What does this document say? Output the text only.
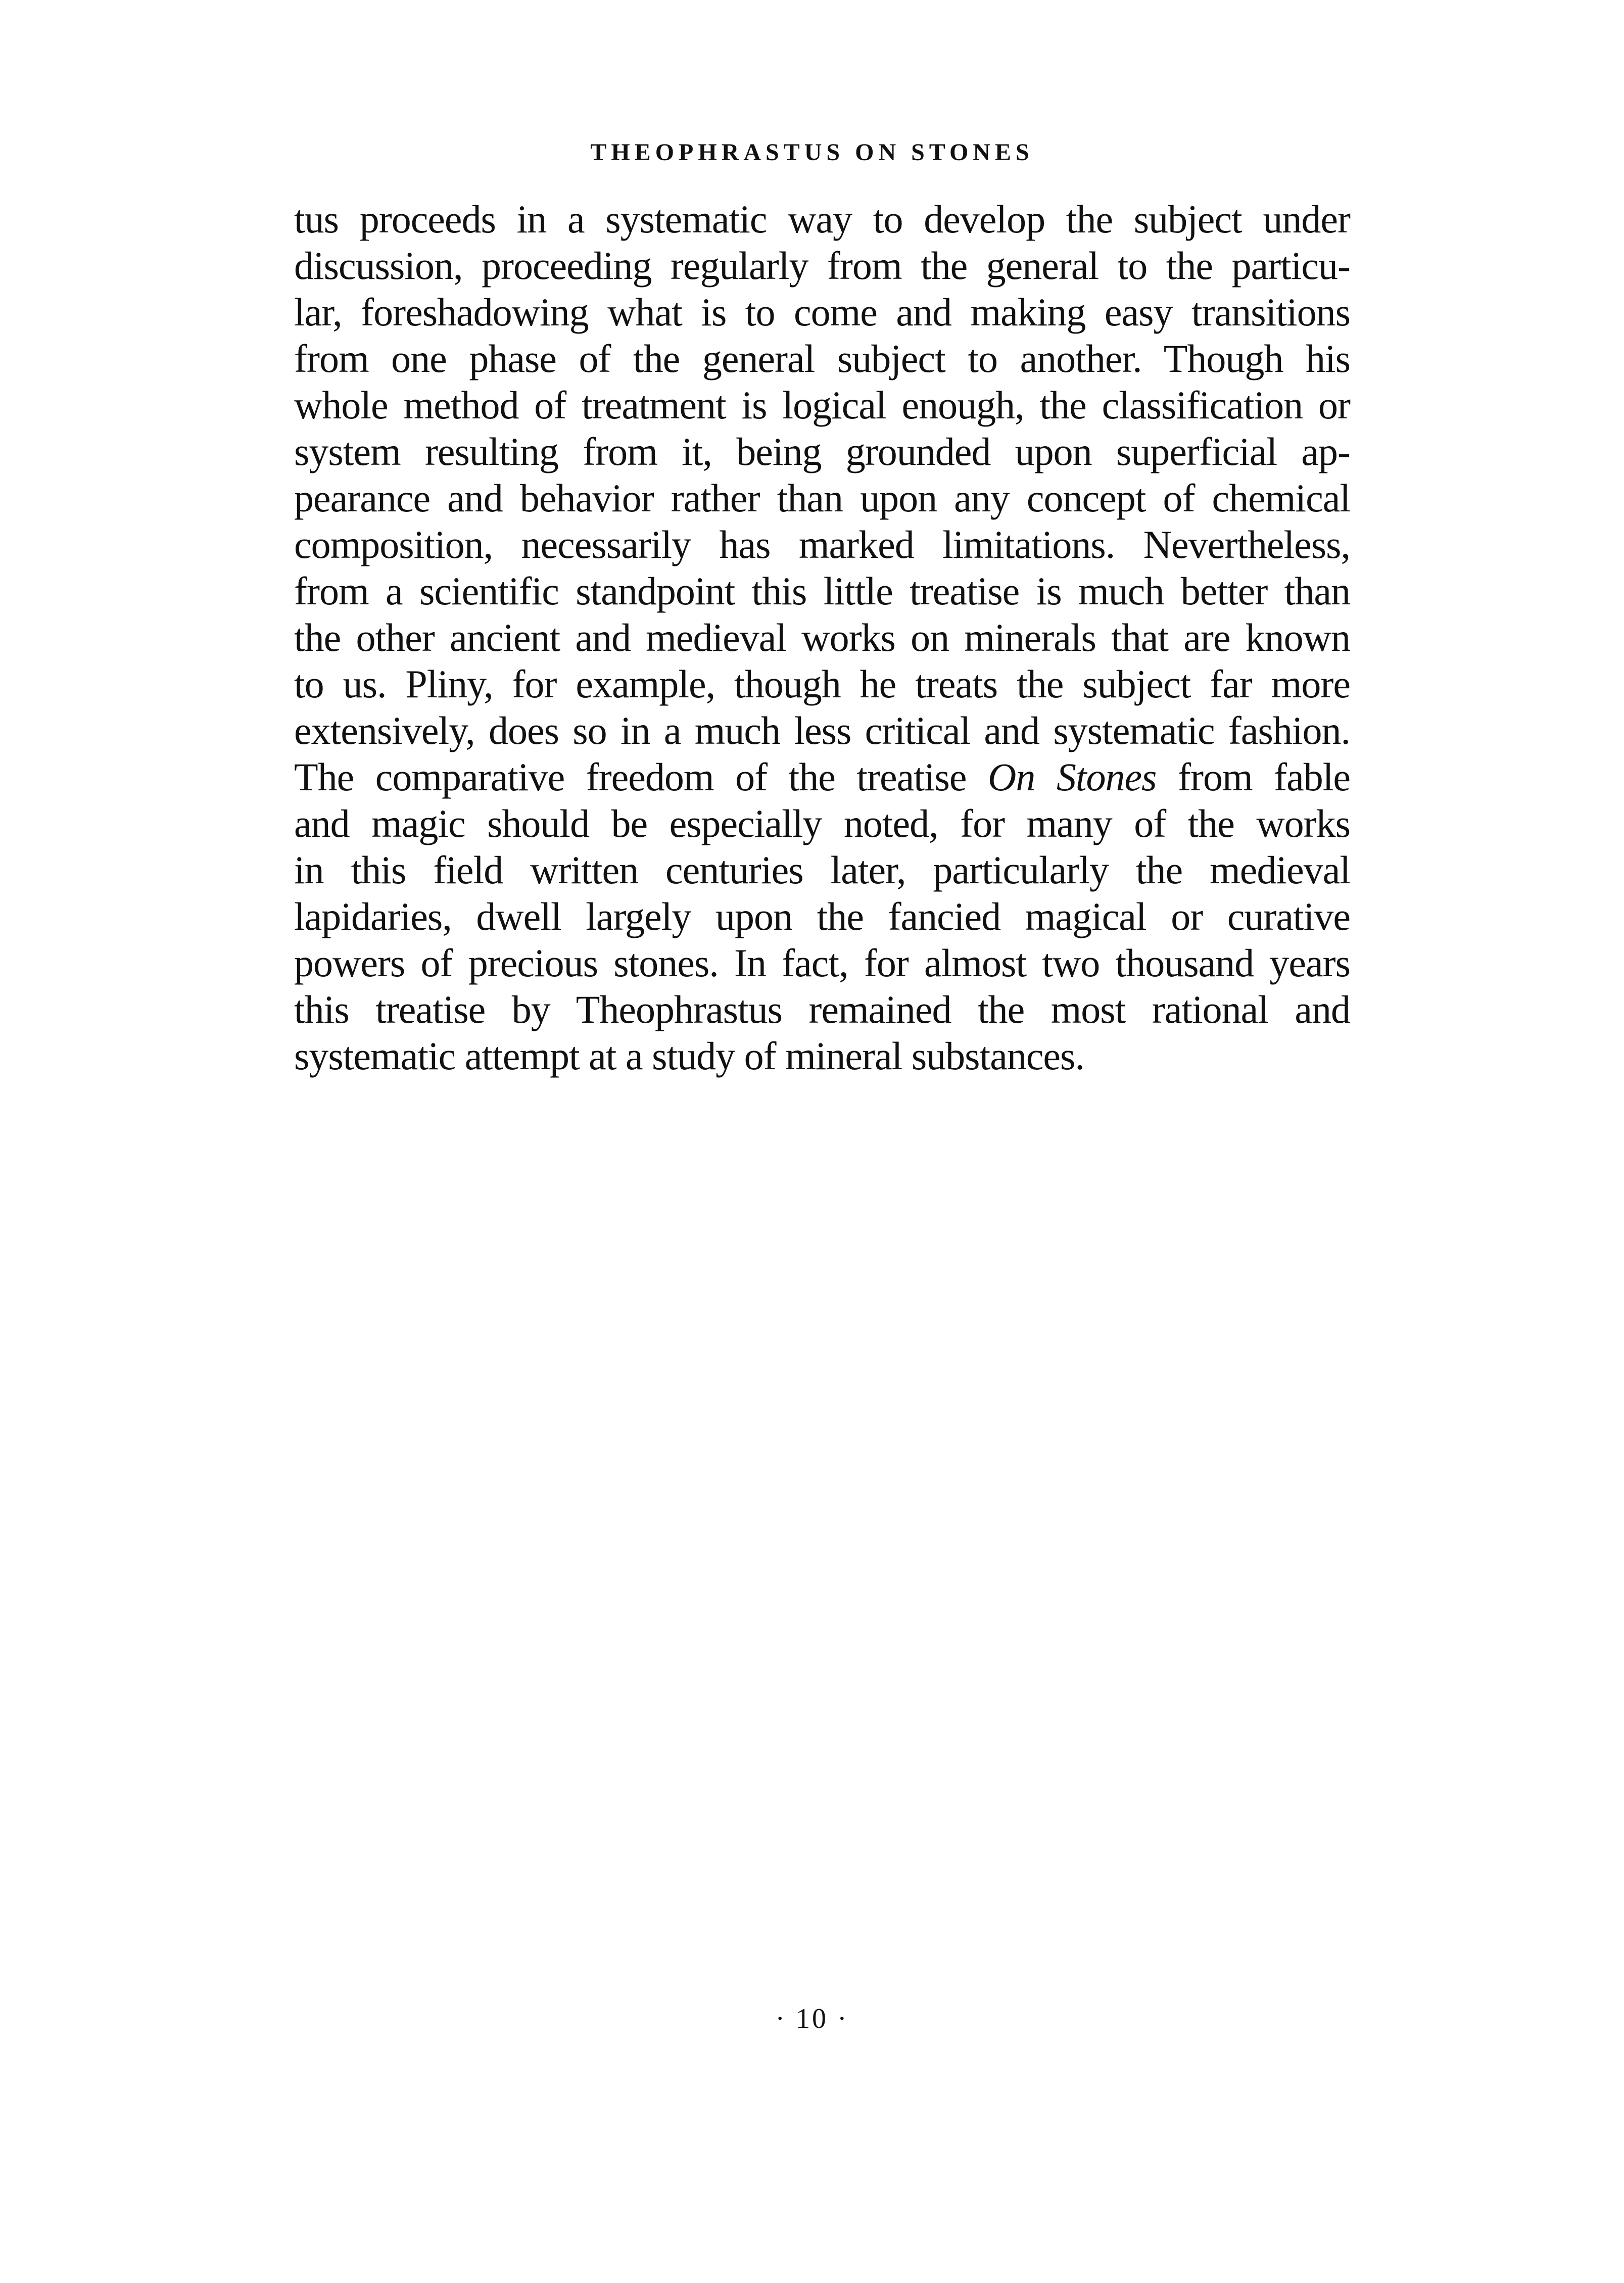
THEOPHRASTUS ON STONES
tus proceeds in a systematic way to develop the subject under
discussion, proceeding regularly from the general to the particu-
lar, foreshadowing what is to come and making easy transitions
from one phase of the general subject to another. Though his
whole method of treatment is logical enough, the classification or
system resulting from it, being grounded upon superficial ap-
pearance and behavior rather than upon any concept of chemical
composition, necessarily has marked limitations. Nevertheless,
from a scientific standpoint this little treatise is much better than
the other ancient and medieval works on minerals that are known
to us. Pliny, for example, though he treats the subject far more
extensively, does so in a much less critical and systematic fashion.
The comparative freedom of the treatise On Stones from fable
and magic should be especially noted, for many of the works
in this field written centuries later, particularly the medieval
lapidaries, dwell largely upon the fancied magical or curative
powers of precious stones. In fact, for almost two thousand years
this treatise by Theophrastus remained the most rational and
systematic attempt at a study of mineral substances.
· 10 ·
